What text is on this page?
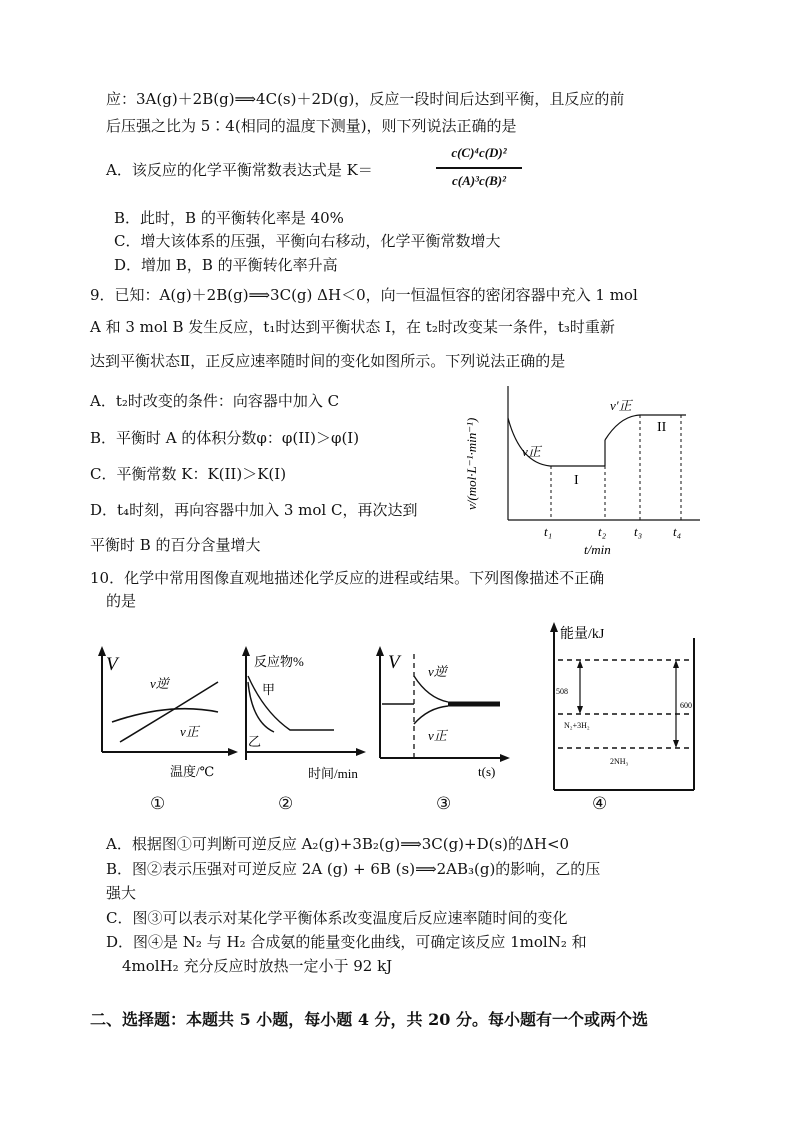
应：3A(g)＋2B(g)⟹4C(s)＋2D(g)，反应一段时间后达到平衡，且反应的前
后压强之比为 5∶4(相同的温度下测量)，则下列说法正确的是
A．该反应的化学平衡常数表达式是 K＝
c(C)⁴c(D)²
c(A)³c(B)²
B．此时，B 的平衡转化率是 40%
C．增大该体系的压强，平衡向右移动，化学平衡常数增大
D．增加 B，B 的平衡转化率升高
9．已知：A(g)＋2B(g)⟹3C(g) ΔH＜0，向一恒温恒容的密闭容器中充入 1 mol
A 和 3 mol B 发生反应，t₁时达到平衡状态 I，在 t₂时改变某一条件，t₃时重新
达到平衡状态Ⅱ，正反应速率随时间的变化如图所示。下列说法正确的是
A．t₂时改变的条件：向容器中加入 C
B．平衡时 A 的体积分数φ：φ(II)＞φ(I)
C．平衡常数 K：K(II)＞K(I)
D．t₄时刻，再向容器中加入 3 mol C，再次达到
平衡时 B 的百分含量增大
v正
v′正
I
II
t₁	t₂ t₃ t₄
t/min
v/(mol·L⁻¹·min⁻¹)
10．化学中常用图像直观地描述化学反应的进程或结果。下列图像描述不正确
的是
V
v逆
v正
温度/℃
①
反应物%
甲
乙
时间/min
②
V v逆
v正
t(s)
③
能量/kJ
508
600
N₂+3H₂
2NH₃
④
A．根据图①可判断可逆反应 A₂(g)+3B₂(g)⟹3C(g)+D(s)的ΔH<0
B．图②表示压强对可逆反应 2A (g) + 6B (s)⟹2AB₃(g)的影响，乙的压
强大
C．图③可以表示对某化学平衡体系改变温度后反应速率随时间的变化
D．图④是 N₂ 与 H₂ 合成氨的能量变化曲线，可确定该反应 1molN₂ 和
4molH₂ 充分反应时放热一定小于 92 kJ
二、选择题：本题共 5 小题，每小题 4 分，共 20 分。每小题有一个或两个选
